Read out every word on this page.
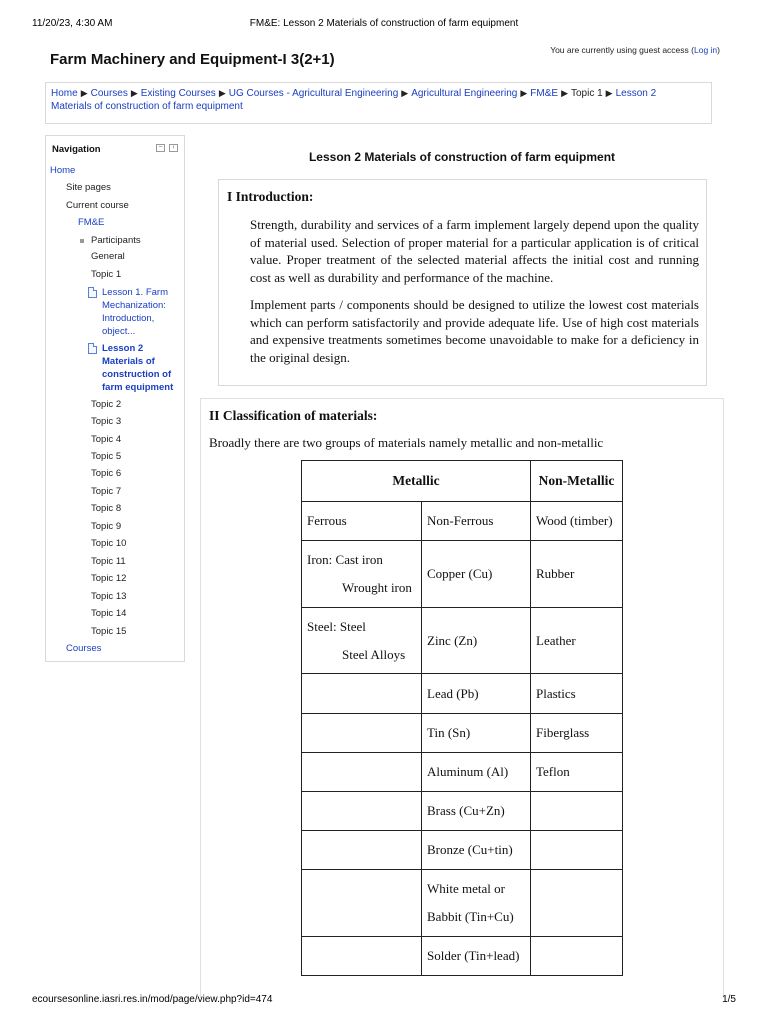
11/20/23, 4:30 AM	FM&E: Lesson 2 Materials of construction of farm equipment
Farm Machinery and Equipment-I 3(2+1)
You are currently using guest access (Log in)
Home ▶ Courses ▶ Existing Courses ▶ UG Courses - Agricultural Engineering ▶ Agricultural Engineering ▶ FM&E ▶ Topic 1 ▶ Lesson 2
Materials of construction of farm equipment
Navigation	−	‹
Home
Site pages
Current course
FM&E
Participants
General
Topic 1
Lesson 1. Farm
Mechanization:
Introduction,
object...
Lesson 2
Materials of
construction of
farm equipment
Topic 2
Topic 3
Topic 4
Topic 5
Topic 6
Topic 7
Topic 8
Topic 9
Topic 10
Topic 11
Topic 12
Topic 13
Topic 14
Topic 15
Courses
Lesson 2 Materials of construction of farm equipment
I Introduction:
Strength, durability and services of a farm implement largely depend upon the quality of material used. Selection of proper material for a particular application is of critical value. Proper treatment of the selected material affects the initial cost and running cost as well as durability and performance of the machine.
Implement parts / components should be designed to utilize the lowest cost materials which can perform satisfactorily and provide adequate life. Use of high cost materials and expensive treatments sometimes become unavoidable to make for a deficiency in the original design.
II Classification of materials:
Broadly there are two groups of materials namely metallic and non-metallic
Metallic		Non-Metallic
Ferrous	Non-Ferrous	Wood (timber)
Iron: Cast iron

Wrought iron	Copper (Cu)	Rubber
Steel: Steel

Steel Alloys	Zinc (Zn)	Leather
	Lead (Pb)	Plastics
	Tin (Sn)	Fiberglass
	Aluminum (Al)	Teflon
	Brass (Cu+Zn)	
	Bronze (Cu+tin)	
	White metal or
Babbit (Tin+Cu)	
	Solder (Tin+lead)	
ecoursesonline.iasri.res.in/mod/page/view.php?id=474	1/5
